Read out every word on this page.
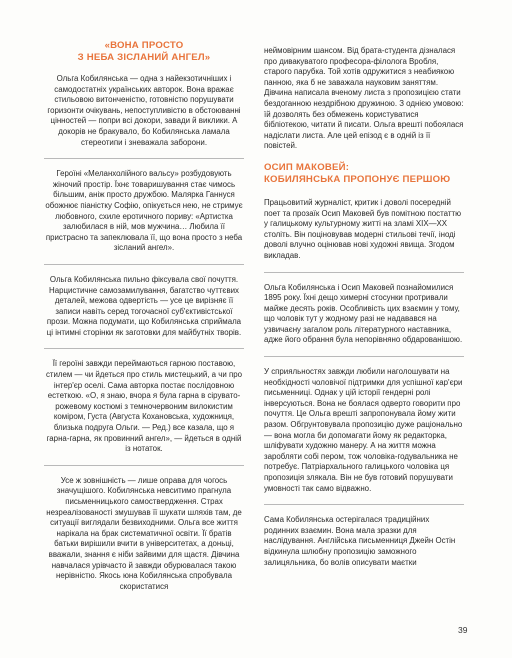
«ВОНА ПРОСТО
З НЕБА ЗІСЛАНИЙ АНГЕЛ»

Ольга Кобилянська — одна з найекзотичніших і самодостатніх українських авторок. Вона вражає стильовою витонченістю, готовністю порушувати горизонти очікувань, непоступливістю в обстоюванні цінностей — попри всі докори, завади й виклики. А докорів не бракувало, бо Кобилянська ламала стереотипи і зневажала заборони.

Героїні «Меланхолійного вальсу» розбудовують жіночий простір. Їхнє товаришування стає чимось більшим, аніж просто дружбою. Малярка Ганнуся обожнює піаністку Софію, опікується нею, не стримує любовного, схиле еротичного пориву: «Артистка залюбилася в ній, мов мужчина… Любила її пристрасно та запеклювала її, що вона просто з неба зіcланий ангел».

Ольга Кобилянська пильно фіксувала свої почуття. Нарцистичне самозамилування, багатство чуттєвих деталей, межова одвертість — усе це вирізняє її записи навіть серед тогочасної суб'єктивістської прози. Можна подумати, що Кобилянська сприймала ці інтимні сторінки як заготовки для майбутніх творів.

Її героїні завжди переймаються гарною поставою, стилем — чи йдеться про стиль мистецький, а чи про інтер'єр оселі. Сама авторка постає послідовною естеткою. «О, я знаю, вчора я була гарна в сірувато-рожевому костюмі з темночервоним вилокистим коміром, Густа (Августа Кохановська, художниця, близька подруга Ольги. — Ред.) все казала, що я гарна-гарна, як провинний ангел», — йдеться в одній із нотаток.

Усе ж зовнішність — лише оправа для чогось значущішого. Кобилянська невситимо прагнула письменницького самоствердження. Страх незреалізованості змушував її шукати шляхів там, де ситуації виглядали безвиходними. Ольга все життя нарікала на брак систематичної освіти. Її братів батьки вирішили вчити в університетах, а доньці, вважали, знання є ніби зайвими для щастя. Дівчина навчалася урівчасто й завжди обурювалася такою нерівністю. Якось юна Кобилянська спробувала скористатися

неймовірним шансом. Від брата-студента дізналася про дивакуватого професора-філолога Вробля, старого парубка. Той хотів одружитися з неабиякою панною, яка б не заважала науковим заняттям. Дівчина написала вченому листа з пропозицією стати бездоганною нездрібною дружиною. З однією умовою: їй дозволять без обмежень користуватися бібліотекою, читати й писати. Ольга врешті побоялася надіслати листа. Але цей епізод є в одній із її повістей.

ОСИП МАКОВЕЙ:
КОБИЛЯНСЬКА ПРОПОНУЄ ПЕРШОЮ

Працьовитий журналіст, критик і доволі посередній поет та прозаїк Осип Маковей був помітною постаттю у галицькому культурному житті на зламі XIX—XX століть. Він поціновував модерні стильові течії, іноді доволі влучно оцінював нові художні явища. Згодом викладав.

Ольга Кобилянська і Осип Маковей познайомилися 1895 року. Їхні дещо химерні стосунки протривали майже десять років. Особливість цих взаємин у тому, що чоловік тут у жодному разі не надавався на узвичаєну загалом роль літературного наставника, адже його обрання була непорівняно обдарованішою.

У сприяльностях завжди любили наголошувати на необхідності чоловічої підтримки для успішної кар'єри письменниці. Однак у цій історії гендерні ролі інверсуються. Вона не боялася одверто говорити про почуття. Це Ольга врешті запропонувала йому жити разом. Обгрунтовувала пропозицію дуже раціонально — вона могла би допомагати йому як редакторка, шліфувати художню манеру. А на життя можна заробляти собі пером, тож чоловіка-годувальника не потребує. Патріархального галицького чоловіка ця пропозиція злякала. Він не був готовий порушувати умовності так само відважно.

Сама Кобилянська остерігалася традиційних родинних взаємин. Вона мала зразки для наслідування. Англійська письменниця Джейн Остін відкинула шлюбну пропозицію заможного залицяльника, бо волів описувати маєтки

39
